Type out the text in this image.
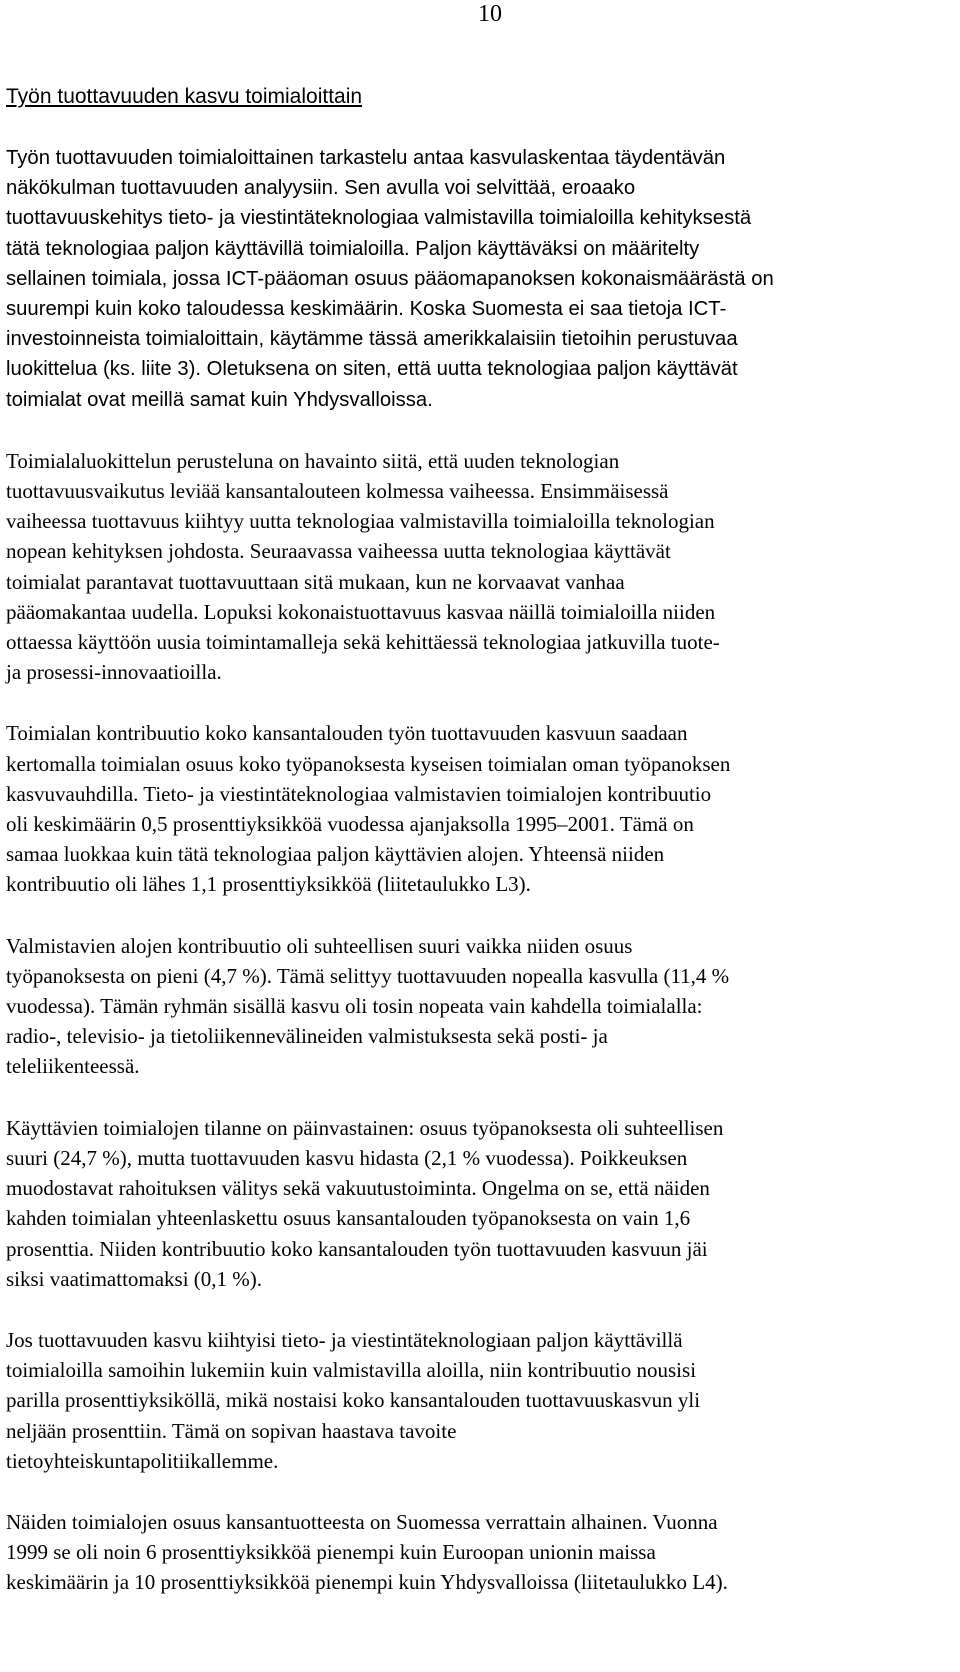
10
Työn tuottavuuden kasvu toimialoittain

Työn tuottavuuden toimialoittainen tarkastelu antaa kasvulaskentaa täydentävän
näkökulman tuottavuuden analyysiin. Sen avulla voi selvittää, eroaako
tuottavuuskehitys tieto- ja viestintäteknologiaa valmistavilla toimialoilla kehityksestä
tätä teknologiaa paljon käyttävillä toimialoilla. Paljon käyttäväksi on määritelty
sellainen toimiala, jossa ICT-pääoman osuus pääomapanoksen kokonaismäärästä on
suurempi kuin koko taloudessa keskimäärin. Koska Suomesta ei saa tietoja ICT-
investoinneista toimialoittain, käytämme tässä amerikkalaisiin tietoihin perustuvaa
luokittelua (ks. liite 3). Oletuksena on siten, että uutta teknologiaa paljon käyttävät
toimialat ovat meillä samat kuin Yhdysvalloissa.

Toimialaluokittelun perusteluna on havainto siitä, että uuden teknologian
tuottavuusvaikutus leviää kansantalouteen kolmessa vaiheessa. Ensimmäisessä
vaiheessa tuottavuus kiihtyy uutta teknologiaa valmistavilla toimialoilla teknologian
nopean kehityksen johdosta. Seuraavassa vaiheessa uutta teknologiaa käyttävät
toimialat parantavat tuottavuuttaan sitä mukaan, kun ne korvaavat vanhaa
pääomakantaa uudella. Lopuksi kokonaistuottavuus kasvaa näillä toimialoilla niiden
ottaessa käyttöön uusia toimintamalleja sekä kehittäessä teknologiaa jatkuvilla tuote-
ja prosessi-innovaatioilla.

Toimialan kontribuutio koko kansantalouden työn tuottavuuden kasvuun saadaan
kertomalla toimialan osuus koko työpanoksesta kyseisen toimialan oman työpanoksen
kasvuvauhdilla. Tieto- ja viestintäteknologiaa valmistavien toimialojen kontribuutio
oli keskimäärin 0,5 prosenttiyksikköä vuodessa ajanjaksolla 1995–2001. Tämä on
samaa luokkaa kuin tätä teknologiaa paljon käyttävien alojen. Yhteensä niiden
kontribuutio oli lähes 1,1 prosenttiyksikköä (liitetaulukko L3).

Valmistavien alojen kontribuutio oli suhteellisen suuri vaikka niiden osuus
työpanoksesta on pieni (4,7 %). Tämä selittyy tuottavuuden nopealla kasvulla (11,4 %
vuodessa). Tämän ryhmän sisällä kasvu oli tosin nopeata vain kahdella toimialalla:
radio-, televisio- ja tietoliikennevälineiden valmistuksesta sekä posti- ja
teleliikenteessä.

Käyttävien toimialojen tilanne on päinvastainen: osuus työpanoksesta oli suhteellisen
suuri (24,7 %), mutta tuottavuuden kasvu hidasta (2,1 % vuodessa). Poikkeuksen
muodostavat rahoituksen välitys sekä vakuutustoiminta. Ongelma on se, että näiden
kahden toimialan yhteenlaskettu osuus kansantalouden työpanoksesta on vain 1,6
prosenttia. Niiden kontribuutio koko kansantalouden työn tuottavuuden kasvuun jäi
siksi vaatimattomaksi (0,1 %).

Jos tuottavuuden kasvu kiihtyisi tieto- ja viestintäteknologiaan paljon käyttävillä
toimialoilla samoihin lukemiin kuin valmistavilla aloilla, niin kontribuutio nousisi
parilla prosenttiyksiköllä, mikä nostaisi koko kansantalouden tuottavuuskasvun yli
neljään prosenttiin. Tämä on sopivan haastava tavoite
tietoyhteiskuntapolitiikallemme.

Näiden toimialojen osuus kansantuotteesta on Suomessa verrattain alhainen. Vuonna
1999 se oli noin 6 prosenttiyksikköä pienempi kuin Euroopan unionin maissa
keskimäärin ja 10 prosenttiyksikköä pienempi kuin Yhdysvalloissa (liitetaulukko L4).
